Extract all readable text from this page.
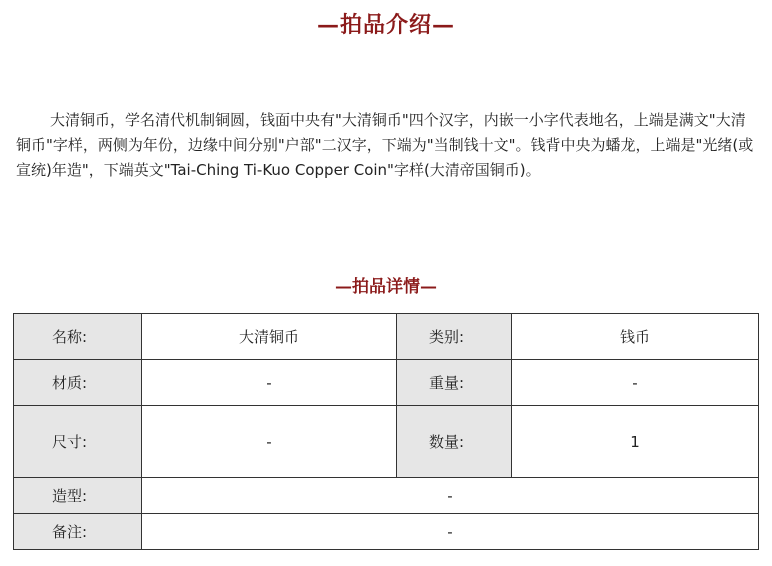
—拍品介绍—

大清铜币，学名清代机制铜圆，钱面中央有"大清铜币"四个汉字，内嵌一小字代表地名，上端是满文"大清铜币"字样，两侧为年份，边缘中间分别"户部"二汉字，下端为"当制钱十文"。钱背中央为蟠龙，上端是"光绪(或宣统)年造"，下端英文"Tai-Ching Ti-Kuo Copper Coin"字样(大清帝国铜币)。

—拍品详情—
名称:	大清铜币	类别:	钱币
材质:	-	重量:	-
尺寸:	-	数量:	1
造型:	-		
备注:	-		
